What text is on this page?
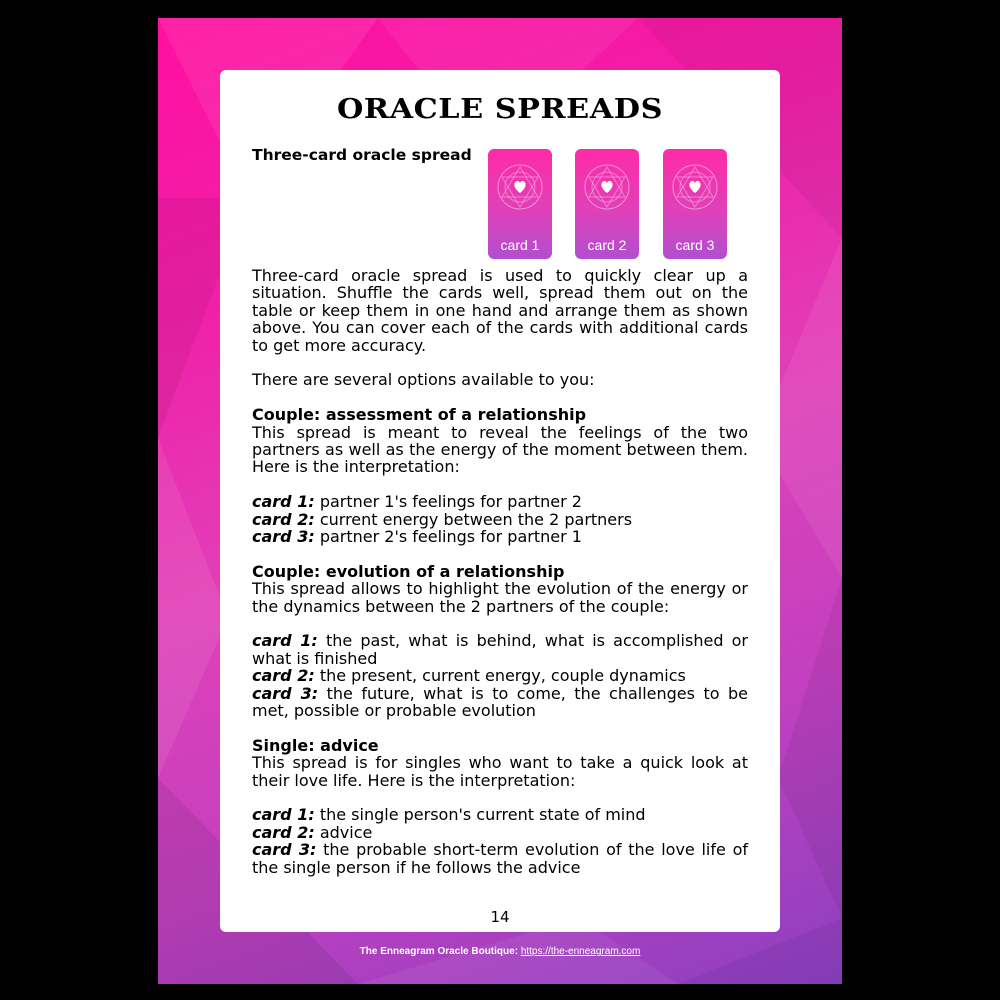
ORACLE SPREADS
Three-card oracle spread
card 1	card 2	card 3

Three-card oracle spread is used to quickly clear up a situation. Shuffle the cards well, spread them out on the table or keep them in one hand and arrange them as shown above. You can cover each of the cards with additional cards to get more accuracy.

There are several options available to you:

Couple: assessment of a relationship

This spread is meant to reveal the feelings of the two partners as well as the energy of the moment between them. Here is the interpretation:

card 1: partner 1's feelings for partner 2

card 2: current energy between the 2 partners

card 3: partner 2's feelings for partner 1

Couple: evolution of a relationship

This spread allows to highlight the evolution of the energy or the dynamics between the 2 partners of the couple:

card 1: the past, what is behind, what is accomplished or what is finished

card 2: the present, current energy, couple dynamics

card 3: the future, what is to come, the challenges to be met, possible or probable evolution

Single: advice

This spread is for singles who want to take a quick look at their love life. Here is the interpretation:

card 1: the single person's current state of mind

card 2: advice

card 3: the probable short-term evolution of the love life of the single person if he follows the advice

14
The Enneagram Oracle Boutique: https://the-enneagram.com
